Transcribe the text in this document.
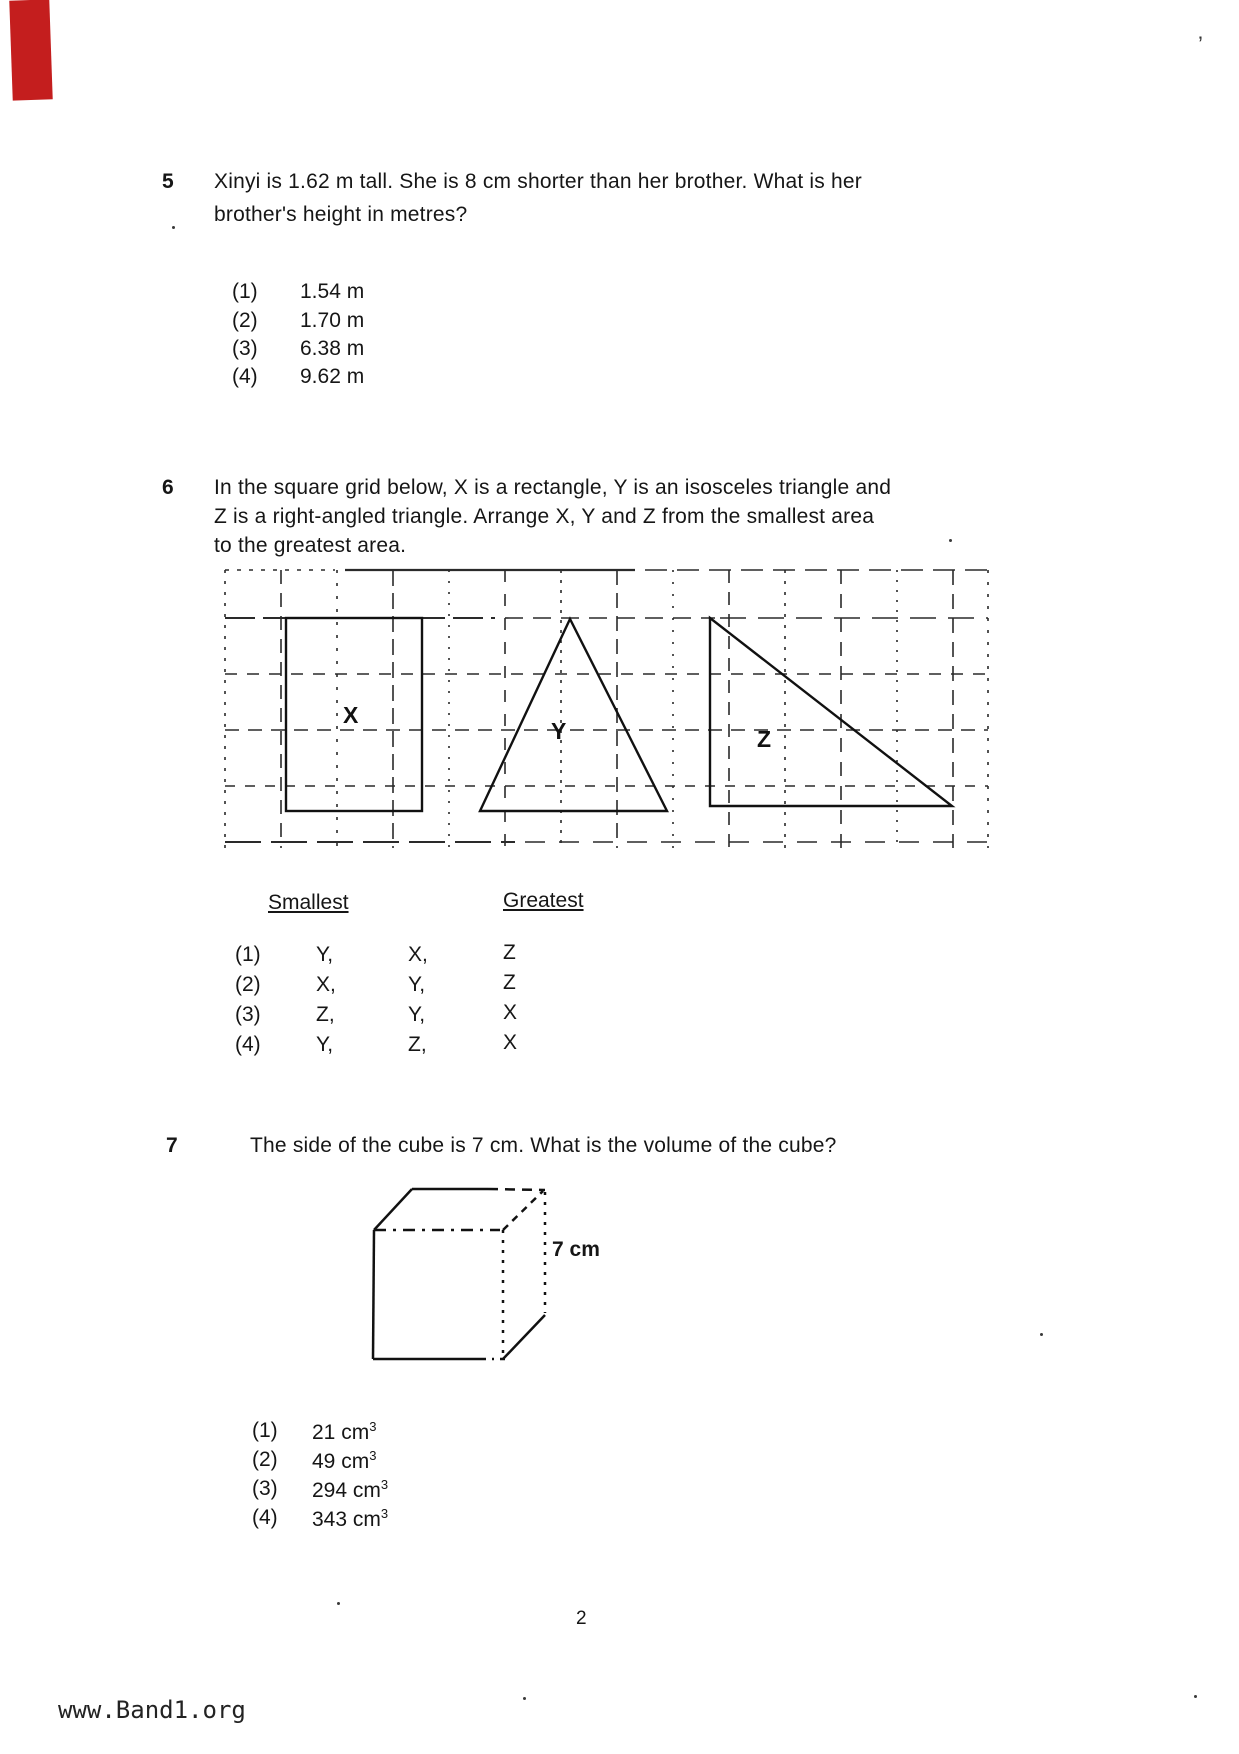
’
5 Xinyi is 1.62 m tall. She is 8 cm shorter than her brother. What is her
brother's height in metres?
(1) 1.54 m
(2) 1.70 m
(3) 6.38 m
(4) 9.62 m
6 In the square grid below, X is a rectangle, Y is an isosceles triangle and
Z is a right-angled triangle. Arrange X, Y and Z from the smallest area
to the greatest area.
X
Y	Z
Smallest	Greatest
(1)	Y,	X,	Z
(2)	X,	Y,	Z
(3)	Z,	Y,	X
(4)	Y,	Z,	X
7	The side of the cube is 7 cm. What is the volume of the cube?
7 cm
(1) 21 $cm^3$
(2) 49 $cm^3$
(3) 294 $cm^3$
(4) 343 $cm^3$
2
www.Band1.org
